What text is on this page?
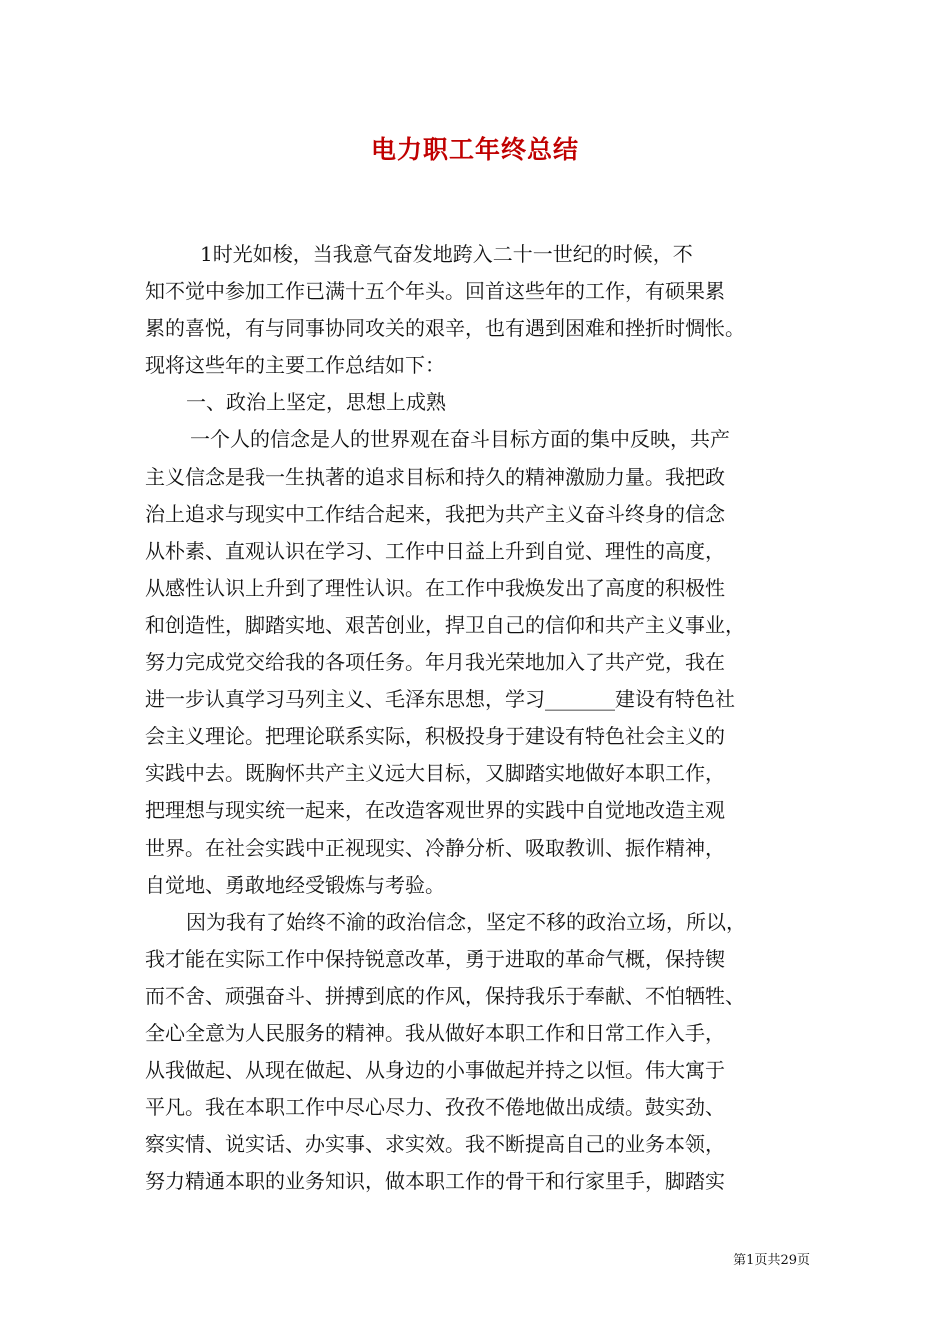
电力职工年终总结
1时光如梭，当我意气奋发地跨入二十一世纪的时候，不
知不觉中参加工作已满十五个年头。回首这些年的工作，有硕果累
累的喜悦，有与同事协同攻关的艰辛，也有遇到困难和挫折时惆怅。
现将这些年的主要工作总结如下：
一、政治上坚定，思想上成熟
一个人的信念是人的世界观在奋斗目标方面的集中反映，共产
主义信念是我一生执著的追求目标和持久的精神激励力量。我把政
治上追求与现实中工作结合起来，我把为共产主义奋斗终身的信念
从朴素、直观认识在学习、工作中日益上升到自觉、理性的高度，
从感性认识上升到了理性认识。在工作中我焕发出了高度的积极性
和创造性，脚踏实地、艰苦创业，捍卫自己的信仰和共产主义事业，
努力完成党交给我的各项任务。年月我光荣地加入了共产党，我在
进一步认真学习马列主义、毛泽东思想，学习_______建设有特色社
会主义理论。把理论联系实际，积极投身于建设有特色社会主义的
实践中去。既胸怀共产主义远大目标，又脚踏实地做好本职工作，
把理想与现实统一起来，在改造客观世界的实践中自觉地改造主观
世界。在社会实践中正视现实、冷静分析、吸取教训、振作精神，
自觉地、勇敢地经受锻炼与考验。
因为我有了始终不渝的政治信念，坚定不移的政治立场，所以，
我才能在实际工作中保持锐意改革，勇于进取的革命气概，保持锲
而不舍、顽强奋斗、拼搏到底的作风，保持我乐于奉献、不怕牺牲、
全心全意为人民服务的精神。我从做好本职工作和日常工作入手，
从我做起、从现在做起、从身边的小事做起并持之以恒。伟大寓于
平凡。我在本职工作中尽心尽力、孜孜不倦地做出成绩。鼓实劲、
察实情、说实话、办实事、求实效。我不断提高自己的业务本领，
努力精通本职的业务知识，做本职工作的骨干和行家里手，脚踏实
第1页共29页
